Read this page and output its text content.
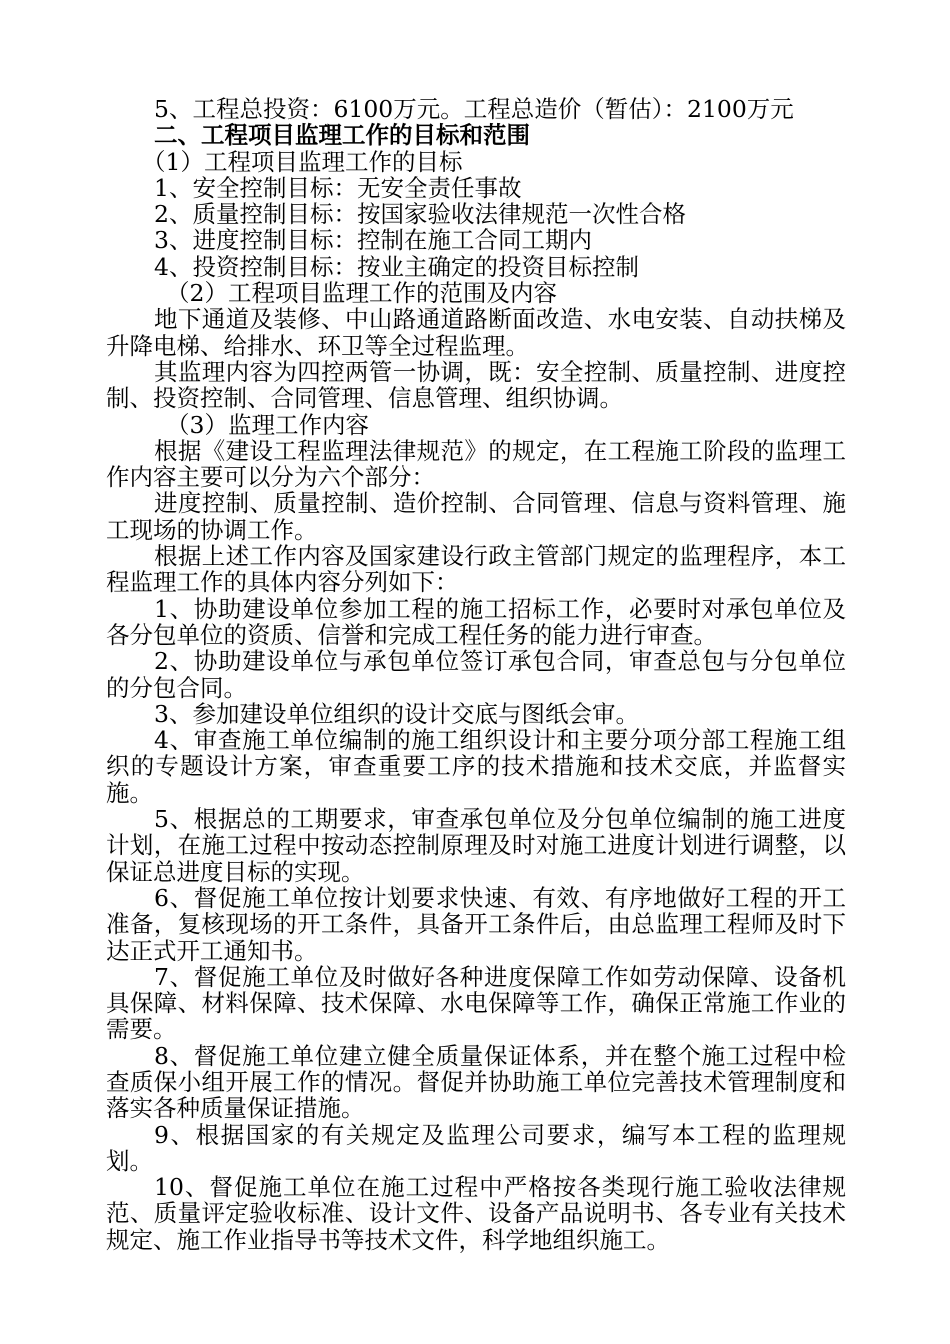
5、工程总投资：6100万元。工程总造价（暂估）：2100万元

二、工程项目监理工作的目标和范围

（1）工程项目监理工作的目标

1、安全控制目标：无安全责任事故

2、质量控制目标：按国家验收法律规范一次性合格

3、进度控制目标：控制在施工合同工期内

4、投资控制目标：按业主确定的投资目标控制

（2）工程项目监理工作的范围及内容

地下通道及装修、中山路通道路断面改造、水电安装、自动扶梯及升降电梯、给排水、环卫等全过程监理。

其监理内容为四控两管一协调，既：安全控制、质量控制、进度控制、投资控制、合同管理、信息管理、组织协调。

（3）监理工作内容

根据《建设工程监理法律规范》的规定，在工程施工阶段的监理工作内容主要可以分为六个部分：

进度控制、质量控制、造价控制、合同管理、信息与资料管理、施工现场的协调工作。

根据上述工作内容及国家建设行政主管部门规定的监理程序，本工程监理工作的具体内容分列如下：

1、协助建设单位参加工程的施工招标工作，必要时对承包单位及各分包单位的资质、信誉和完成工程任务的能力进行审查。

2、协助建设单位与承包单位签订承包合同，审查总包与分包单位的分包合同。

3、参加建设单位组织的设计交底与图纸会审。

4、审查施工单位编制的施工组织设计和主要分项分部工程施工组织的专题设计方案，审查重要工序的技术措施和技术交底，并监督实施。

5、根据总的工期要求，审查承包单位及分包单位编制的施工进度计划，在施工过程中按动态控制原理及时对施工进度计划进行调整，以保证总进度目标的实现。

6、督促施工单位按计划要求快速、有效、有序地做好工程的开工准备，复核现场的开工条件，具备开工条件后，由总监理工程师及时下达正式开工通知书。

7、督促施工单位及时做好各种进度保障工作如劳动保障、设备机具保障、材料保障、技术保障、水电保障等工作，确保正常施工作业的需要。

8、督促施工单位建立健全质量保证体系，并在整个施工过程中检查质保小组开展工作的情况。督促并协助施工单位完善技术管理制度和落实各种质量保证措施。

9、根据国家的有关规定及监理公司要求，编写本工程的监理规划。

10、督促施工单位在施工过程中严格按各类现行施工验收法律规范、质量评定验收标准、设计文件、设备产品说明书、各专业有关技术规定、施工作业指导书等技术文件，科学地组织施工。
